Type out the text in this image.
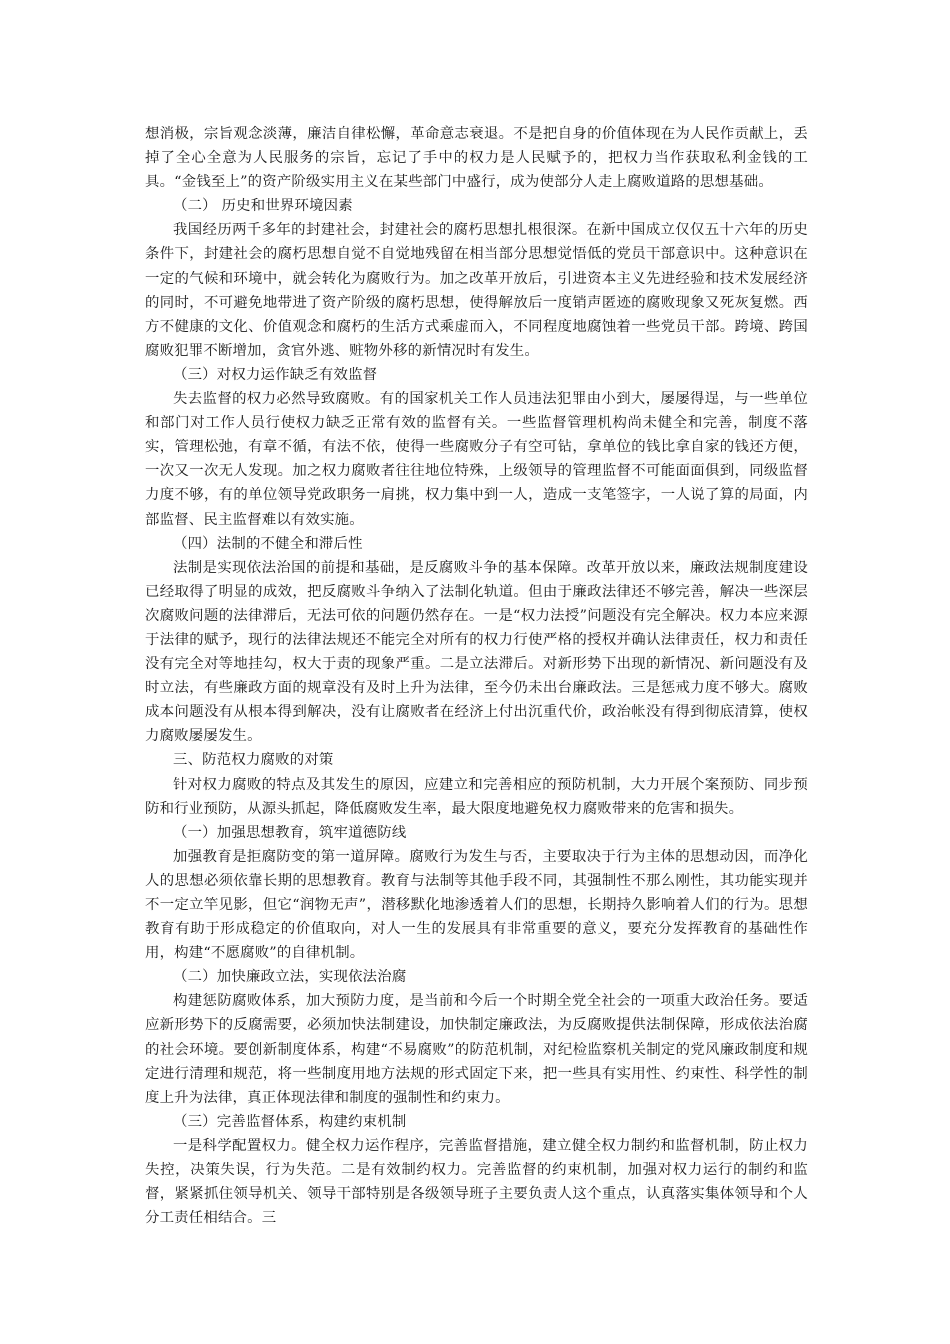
想消极，宗旨观念淡薄，廉洁自律松懈，革命意志衰退。不是把自身的价值体现在为人民作贡献上，丢掉了全心全意为人民服务的宗旨，忘记了手中的权力是人民赋予的，把权力当作获取私利金钱的工具。“金钱至上”的资产阶级实用主义在某些部门中盛行，成为使部分人走上腐败道路的思想基础。

（二） 历史和世界环境因素

我国经历两千多年的封建社会，封建社会的腐朽思想扎根很深。在新中国成立仅仅五十六年的历史条件下，封建社会的腐朽思想自觉不自觉地残留在相当部分思想觉悟低的党员干部意识中。这种意识在一定的气候和环境中，就会转化为腐败行为。加之改革开放后，引进资本主义先进经验和技术发展经济的同时，不可避免地带进了资产阶级的腐朽思想，使得解放后一度销声匿迹的腐败现象又死灰复燃。西方不健康的文化、价值观念和腐朽的生活方式乘虚而入，不同程度地腐蚀着一些党员干部。跨境、跨国腐败犯罪不断增加，贪官外逃、赃物外移的新情况时有发生。

（三）对权力运作缺乏有效监督

失去监督的权力必然导致腐败。有的国家机关工作人员违法犯罪由小到大，屡屡得逞，与一些单位和部门对工作人员行使权力缺乏正常有效的监督有关。一些监督管理机构尚未健全和完善，制度不落实，管理松弛，有章不循，有法不依，使得一些腐败分子有空可钻，拿单位的钱比拿自家的钱还方便，一次又一次无人发现。加之权力腐败者往往地位特殊，上级领导的管理监督不可能面面俱到，同级监督力度不够，有的单位领导党政职务一肩挑，权力集中到一人，造成一支笔签字，一人说了算的局面，内部监督、民主监督难以有效实施。

（四）法制的不健全和滞后性

法制是实现依法治国的前提和基础，是反腐败斗争的基本保障。改革开放以来，廉政法规制度建设已经取得了明显的成效，把反腐败斗争纳入了法制化轨道。但由于廉政法律还不够完善，解决一些深层次腐败问题的法律滞后，无法可依的问题仍然存在。一是“权力法授”问题没有完全解决。权力本应来源于法律的赋予，现行的法律法规还不能完全对所有的权力行使严格的授权并确认法律责任，权力和责任没有完全对等地挂勾，权大于责的现象严重。二是立法滞后。对新形势下出现的新情况、新问题没有及时立法，有些廉政方面的规章没有及时上升为法律，至今仍未出台廉政法。三是惩戒力度不够大。腐败成本问题没有从根本得到解决，没有让腐败者在经济上付出沉重代价，政治帐没有得到彻底清算，使权力腐败屡屡发生。

三、防范权力腐败的对策

针对权力腐败的特点及其发生的原因，应建立和完善相应的预防机制，大力开展个案预防、同步预防和行业预防，从源头抓起，降低腐败发生率，最大限度地避免权力腐败带来的危害和损失。

（一）加强思想教育，筑牢道德防线

加强教育是拒腐防变的第一道屏障。腐败行为发生与否，主要取决于行为主体的思想动因，而净化人的思想必须依靠长期的思想教育。教育与法制等其他手段不同，其强制性不那么刚性，其功能实现并不一定立竿见影，但它“润物无声”，潜移默化地渗透着人们的思想，长期持久影响着人们的行为。思想教育有助于形成稳定的价值取向，对人一生的发展具有非常重要的意义，要充分发挥教育的基础性作用，构建“不愿腐败”的自律机制。

（二）加快廉政立法，实现依法治腐

构建惩防腐败体系，加大预防力度，是当前和今后一个时期全党全社会的一项重大政治任务。要适应新形势下的反腐需要，必须加快法制建设，加快制定廉政法，为反腐败提供法制保障，形成依法治腐的社会环境。要创新制度体系，构建“不易腐败”的防范机制，对纪检监察机关制定的党风廉政制度和规定进行清理和规范，将一些制度用地方法规的形式固定下来，把一些具有实用性、约束性、科学性的制度上升为法律，真正体现法律和制度的强制性和约束力。

（三）完善监督体系，构建约束机制

一是科学配置权力。健全权力运作程序，完善监督措施，建立健全权力制约和监督机制，防止权力失控，决策失误，行为失范。二是有效制约权力。完善监督的约束机制，加强对权力运行的制约和监督，紧紧抓住领导机关、领导干部特别是各级领导班子主要负责人这个重点，认真落实集体领导和个人分工责任相结合。三
